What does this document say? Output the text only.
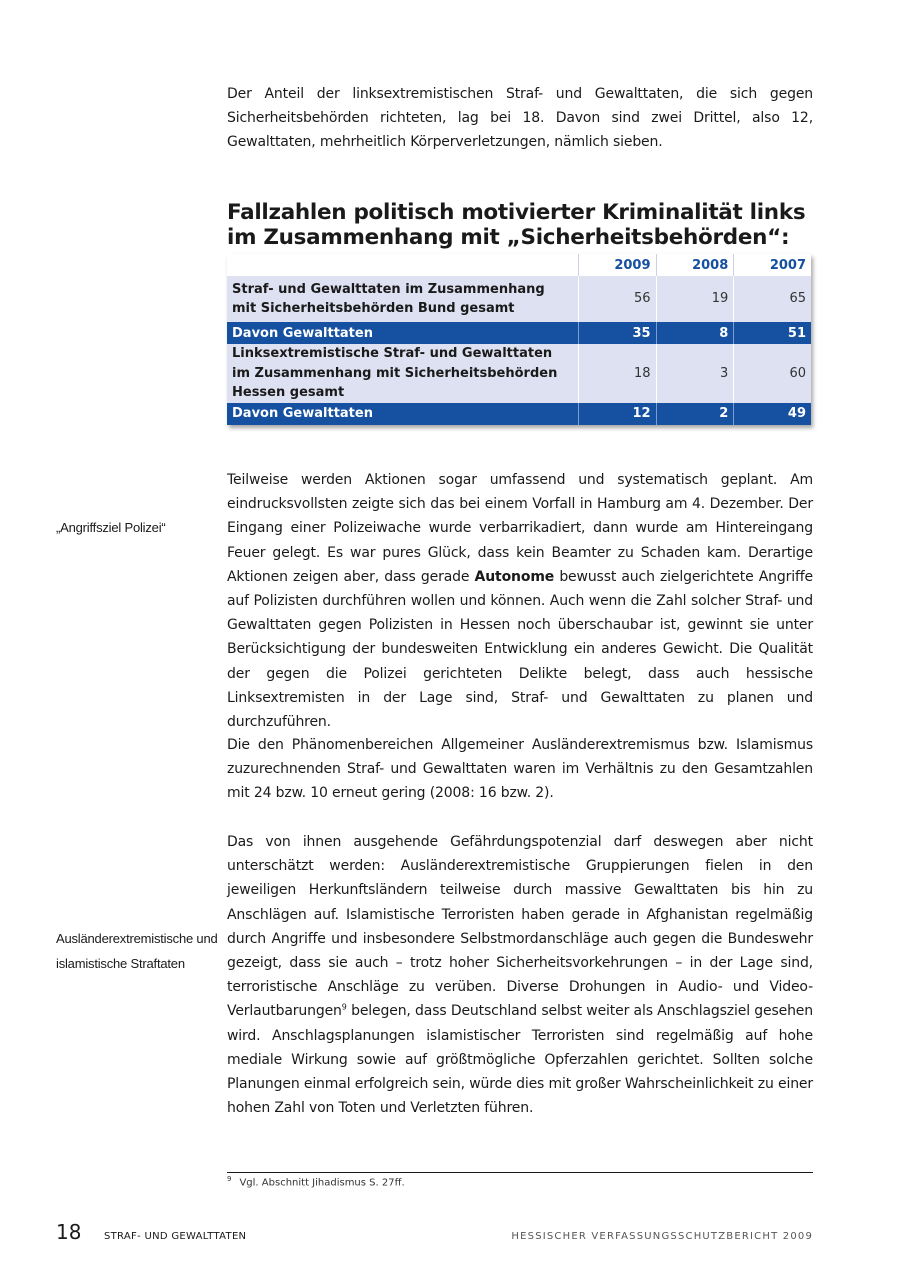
Der Anteil der linksextremistischen Straf- und Gewalttaten, die sich gegen Sicherheitsbehörden richteten, lag bei 18. Davon sind zwei Drittel, also 12, Gewalttaten, mehrheitlich Körperverletzungen, nämlich sieben.

Fallzahlen politisch motivierter Kriminalität links im Zusammenhang mit „Sicherheitsbehörden“:
	2009	2008	2007
Straf- und Gewalttaten im Zusammenhang mit Sicherheitsbehörden Bund gesamt	56	19	65
Davon Gewalttaten	35	8	51
Linksextremistische Straf- und Gewalttaten im Zusammenhang mit Sicherheitsbehörden Hessen gesamt	18	3	60
Davon Gewalttaten	12	2	49

„Angriffsziel Polizei“

Teilweise werden Aktionen sogar umfassend und systematisch geplant. Am eindrucksvollsten zeigte sich das bei einem Vorfall in Hamburg am 4. Dezember. Der Eingang einer Polizeiwache wurde verbarrikadiert, dann wurde am Hintereingang Feuer gelegt. Es war pures Glück, dass kein Beamter zu Schaden kam. Derartige Aktionen zeigen aber, dass gerade Autonome bewusst auch zielgerichtete Angriffe auf Polizisten durchführen wollen und können. Auch wenn die Zahl solcher Straf- und Gewalttaten gegen Polizisten in Hessen noch überschaubar ist, gewinnt sie unter Berücksichtigung der bundesweiten Entwicklung ein anderes Gewicht. Die Qualität der gegen die Polizei gerichteten Delikte belegt, dass auch hessische Linksextremisten in der Lage sind, Straf- und Gewalttaten zu planen und durchzuführen.

Die den Phänomenbereichen Allgemeiner Ausländerextremismus bzw. Islamismus zuzurechnenden Straf- und Gewalttaten waren im Verhältnis zu den Gesamtzahlen mit 24 bzw. 10 erneut gering (2008: 16 bzw. 2).

Ausländerextremistische und islamistische Straftaten

Das von ihnen ausgehende Gefährdungspotenzial darf deswegen aber nicht unterschätzt werden: Ausländerextremistische Gruppierungen fielen in den jeweiligen Herkunftsländern teilweise durch massive Gewalttaten bis hin zu Anschlägen auf. Islamistische Terroristen haben gerade in Afghanistan regelmäßig durch Angriffe und insbesondere Selbstmordanschläge auch gegen die Bundeswehr gezeigt, dass sie auch – trotz hoher Sicherheitsvorkehrungen – in der Lage sind, terroristische Anschläge zu verüben. Diverse Drohungen in Audio- und Video-Verlautbarungen$^9$ belegen, dass Deutschland selbst weiter als Anschlagsziel gesehen wird. Anschlagsplanungen islamistischer Terroristen sind regelmäßig auf hohe mediale Wirkung sowie auf größtmögliche Opferzahlen gerichtet. Sollten solche Planungen einmal erfolgreich sein, würde dies mit großer Wahrscheinlichkeit zu einer hohen Zahl von Toten und Verletzten führen.

$^9$ Vgl. Abschnitt Jihadismus S. 27ff.
18 STRAF- UND GEWALTTATEN	HESSISCHER VERFASSUNGSSCHUTZBERICHT 2009
